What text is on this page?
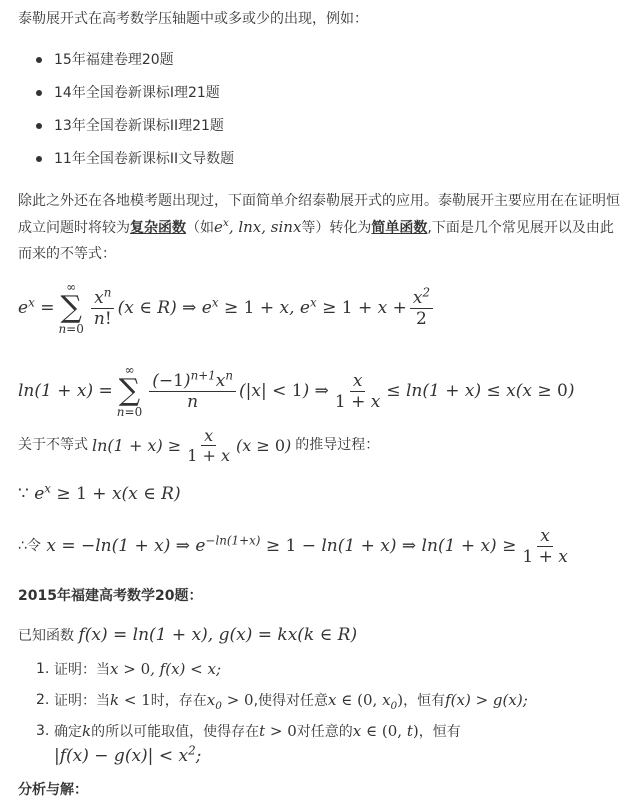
泰勒展开式在高考数学压轴题中或多或少的出现，例如：

15年福建卷理20题
14年全国卷新课标I理21题
13年全国卷新课标II理21题
11年全国卷新课标II文导数题

除此之外还在各地模考题出现过，下面简单介绍泰勒展开式的应用。泰勒展开主要应用在在证明恒成立问题时将较为复杂函数（如$e^x$, lnx, sinx等）转化为简单函数,下面是几个常见展开以及由此而来的不等式：

$e^x$ =
∞
∑
n=0
$\frac{x^n}{n!} (x$ ∈ R) ⇒ $e^x \ge 1 + x$, $e^x \ge 1 + x + \frac{x^2}{2}$
ln(1 + x) =
∞
∑
n=0
$\frac{(-1)^{n+1}x^n}{n} (|x| < 1)$ ⇒ $\frac{x}{1 + x} \le \ln(1 + x) \le x(x \ge 0)$
关于不等式 $\ln(1 + x) \ge \frac{x}{1 + x} (x \ge 0)$ 的推导过程：
∵ $e^x \ge 1 + x(x$ ∈ R)
∴令 x = −ln(1 + x) ⇒ $e^{-ln(1+x)} \ge 1 - \ln(1 + x)$ ⇒ $\ln(1 + x) \ge \frac{x}{1 + x}$

2015年福建高考数学20题：

已知函数 f(x) = ln(1 + x), g(x) = kx(k ∈ R)

1. 证明：当x > 0, f(x) < x;
2. 证明：当k < 1时，存在$x_0 > 0$,使得对任意x ∈ (0, $x_0$)，恒有f(x) > g(x);
3. 确定k的所以可能取值，使得存在t > 0对任意的x ∈ (0, t)，恒有
$|f(x) - g(x)| < x^2$;

分析与解：
